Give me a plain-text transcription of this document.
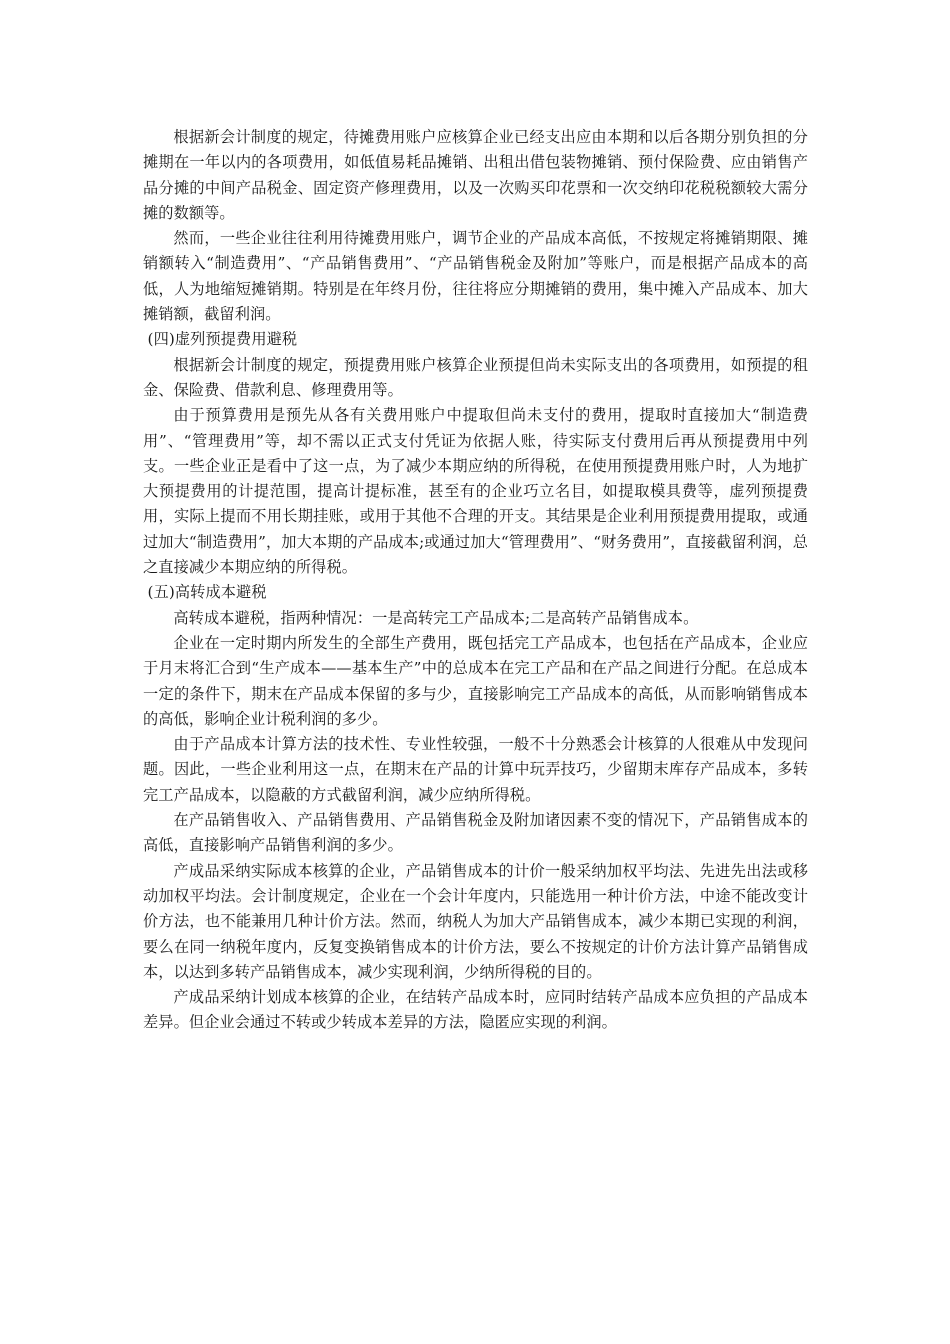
根据新会计制度的规定，待摊费用账户应核算企业已经支出应由本期和以后各期分别负担的分摊期在一年以内的各项费用，如低值易耗品摊销、出租出借包装物摊销、预付保险费、应由销售产品分摊的中间产品税金、固定资产修理费用，以及一次购买印花票和一次交纳印花税税额较大需分摊的数额等。

然而，一些企业往往利用待摊费用账户，调节企业的产品成本高低，不按规定将摊销期限、摊销额转入“制造费用”、“产品销售费用”、“产品销售税金及附加”等账户，而是根据产品成本的高低，人为地缩短摊销期。特别是在年终月份，往往将应分期摊销的费用，集中摊入产品成本、加大摊销额，截留利润。

(四)虚列预提费用避税

根据新会计制度的规定，预提费用账户核算企业预提但尚未实际支出的各项费用，如预提的租金、保险费、借款利息、修理费用等。

由于预算费用是预先从各有关费用账户中提取但尚未支付的费用，提取时直接加大“制造费用”、“管理费用”等，却不需以正式支付凭证为依据人账，待实际支付费用后再从预提费用中列支。一些企业正是看中了这一点，为了减少本期应纳的所得税，在使用预提费用账户时，人为地扩大预提费用的计提范围，提高计提标准，甚至有的企业巧立名目，如提取模具费等，虚列预提费用，实际上提而不用长期挂账，或用于其他不合理的开支。其结果是企业利用预提费用提取，或通过加大“制造费用”，加大本期的产品成本;或通过加大“管理费用”、“财务费用”，直接截留利润，总之直接减少本期应纳的所得税。

(五)高转成本避税

高转成本避税，指两种情况：一是高转完工产品成本;二是高转产品销售成本。

企业在一定时期内所发生的全部生产费用，既包括完工产品成本，也包括在产品成本，企业应于月末将汇合到“生产成本——基本生产”中的总成本在完工产品和在产品之间进行分配。在总成本一定的条件下，期末在产品成本保留的多与少，直接影响完工产品成本的高低，从而影响销售成本的高低，影响企业计税利润的多少。

由于产品成本计算方法的技术性、专业性较强，一般不十分熟悉会计核算的人很难从中发现问题。因此，一些企业利用这一点，在期末在产品的计算中玩弄技巧，少留期末库存产品成本，多转完工产品成本，以隐蔽的方式截留利润，减少应纳所得税。

在产品销售收入、产品销售费用、产品销售税金及附加诸因素不变的情况下，产品销售成本的高低，直接影响产品销售利润的多少。

产成品采纳实际成本核算的企业，产品销售成本的计价一般采纳加权平均法、先进先出法或移动加权平均法。会计制度规定，企业在一个会计年度内，只能选用一种计价方法，中途不能改变计价方法，也不能兼用几种计价方法。然而，纳税人为加大产品销售成本，减少本期已实现的利润，要么在同一纳税年度内，反复变换销售成本的计价方法，要么不按规定的计价方法计算产品销售成本，以达到多转产品销售成本，减少实现利润，少纳所得税的目的。

产成品采纳计划成本核算的企业，在结转产品成本时，应同时结转产品成本应负担的产品成本差异。但企业会通过不转或少转成本差异的方法，隐匿应实现的利润。
